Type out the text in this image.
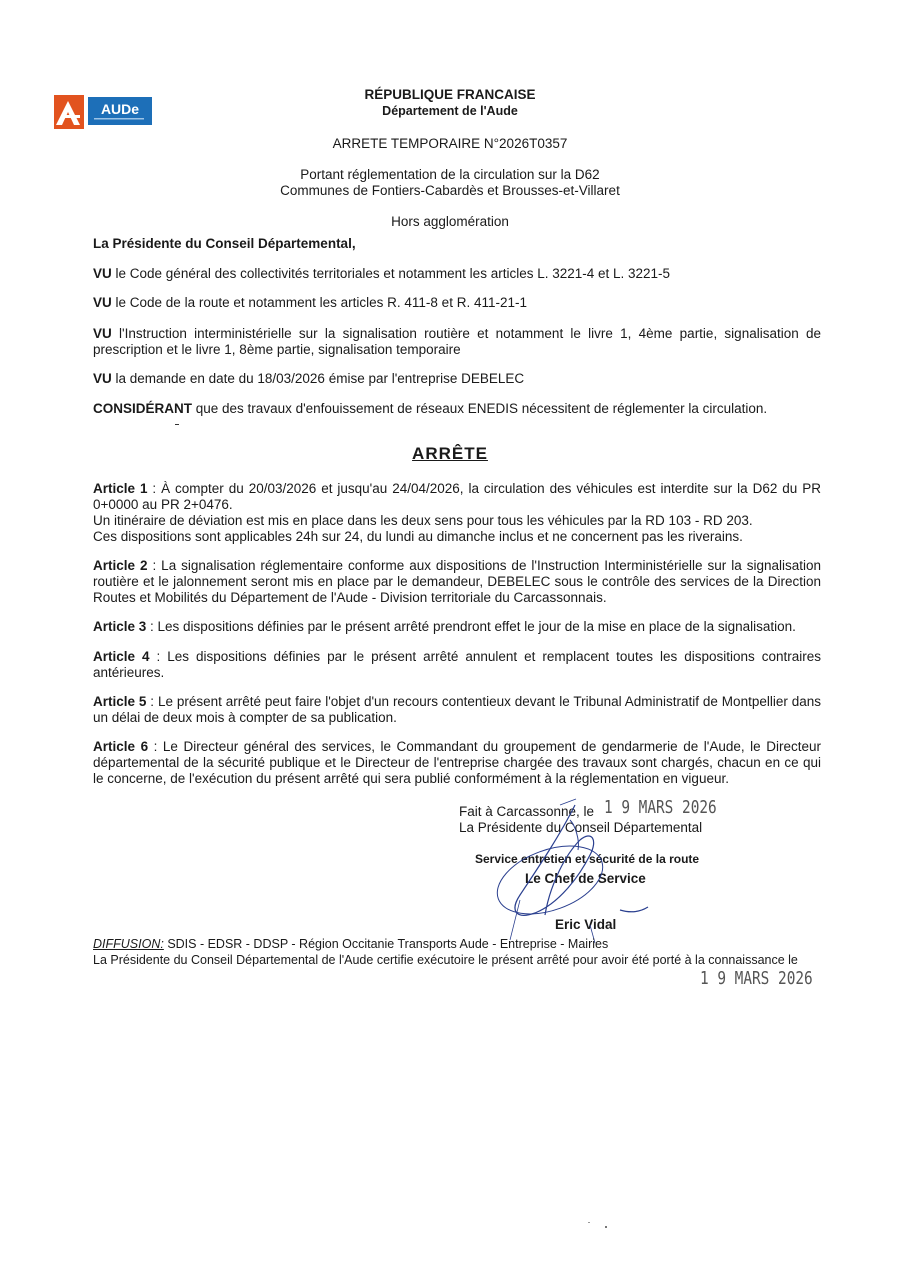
AUDe
RÉPUBLIQUE FRANCAISE
Département de l'Aude
ARRETE TEMPORAIRE N°2026T0357
Portant réglementation de la circulation sur la D62
Communes de Fontiers-Cabardès et Brousses-et-Villaret
Hors agglomération
La Présidente du Conseil Départemental,
VU le Code général des collectivités territoriales et notamment les articles L. 3221-4 et L. 3221-5
VU le Code de la route et notamment les articles R. 411-8 et R. 411-21-1
VU l'Instruction interministérielle sur la signalisation routière et notamment le livre 1, 4ème partie, signalisation de prescription et le livre 1, 8ème partie, signalisation temporaire
VU la demande en date du 18/03/2026 émise par l'entreprise DEBELEC
CONSIDÉRANT que des travaux d'enfouissement de réseaux ENEDIS nécessitent de réglementer la circulation.
ARRÊTE
Article 1 : À compter du 20/03/2026 et jusqu'au 24/04/2026, la circulation des véhicules est interdite sur la D62 du PR 0+0000 au PR 2+0476.
Un itinéraire de déviation est mis en place dans les deux sens pour tous les véhicules par la RD 103 - RD 203.
Ces dispositions sont applicables 24h sur 24, du lundi au dimanche inclus et ne concernent pas les riverains.
Article 2 : La signalisation réglementaire conforme aux dispositions de l'Instruction Interministérielle sur la signalisation routière et le jalonnement seront mis en place par le demandeur, DEBELEC sous le contrôle des services de la Direction Routes et Mobilités du Département de l'Aude - Division territoriale du Carcassonnais.
Article 3 : Les dispositions définies par le présent arrêté prendront effet le jour de la mise en place de la signalisation.
Article 4 : Les dispositions définies par le présent arrêté annulent et remplacent toutes les dispositions contraires antérieures.
Article 5 : Le présent arrêté peut faire l'objet d'un recours contentieux devant le Tribunal Administratif de Montpellier dans un délai de deux mois à compter de sa publication.
Article 6 : Le Directeur général des services, le Commandant du groupement de gendarmerie de l'Aude, le Directeur départemental de la sécurité publique et le Directeur de l'entreprise chargée des travaux sont chargés, chacun en ce qui le concerne, de l'exécution du présent arrêté qui sera publié conformément à la réglementation en vigueur.
Fait à Carcassonne, le 1 9 MARS 2026
La Présidente du Conseil Départemental
Service entretien et sécurité de la route
Le Chef de Service
Eric Vidal
DIFFUSION: SDIS - EDSR - DDSP - Région Occitanie Transports Aude - Entreprise - Mairies
La Présidente du Conseil Départemental de l'Aude certifie exécutoire le présent arrêté pour avoir été porté à la connaissance le
1 9 MARS 2026
